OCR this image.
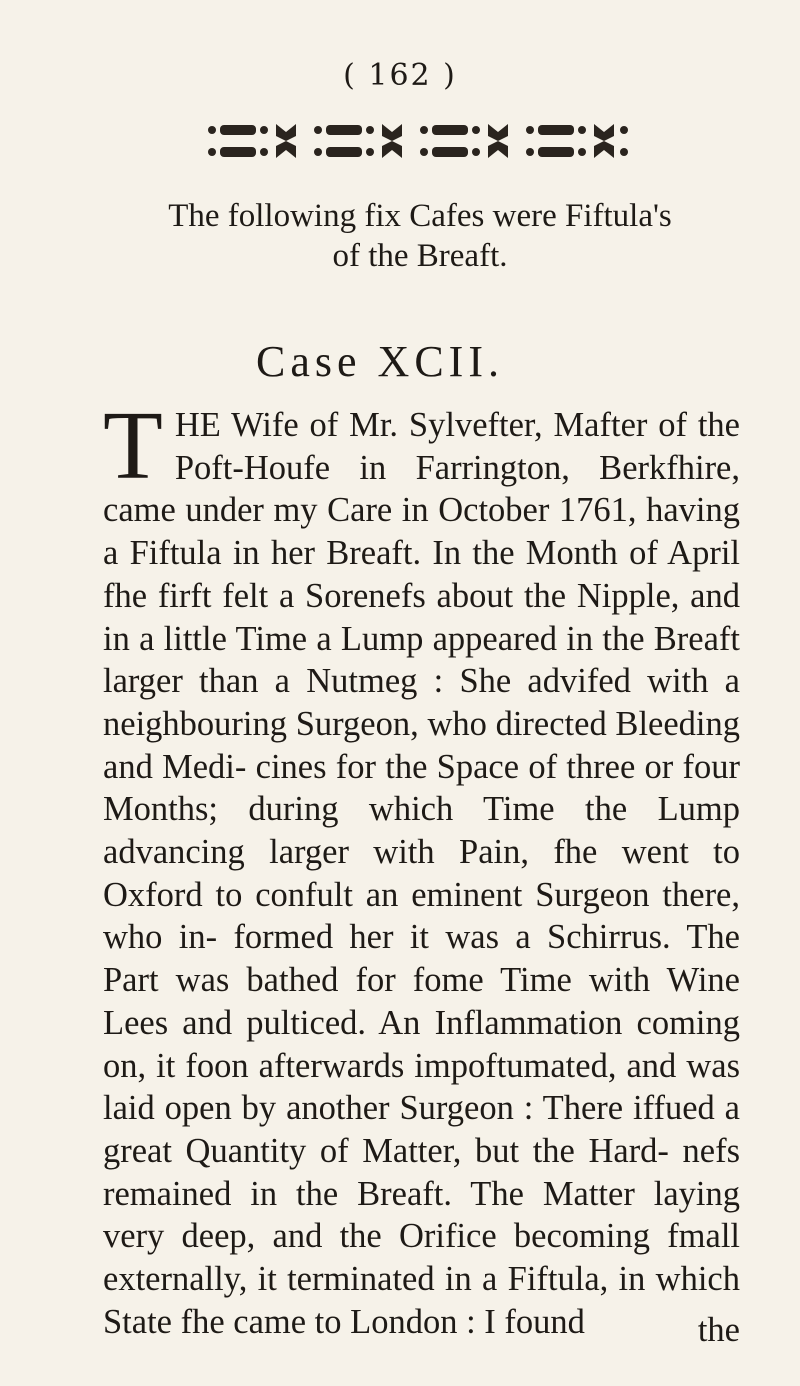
( 162 )
The following fix Cafes were Fiftula's of the Breaft.
Case XCII.
THE Wife of Mr. Sylvefter, Mafter of the Poft-Houfe in Farrington, Berkfhire, came under my Care in October 1761, having a Fiftula in her Breaft. In the Month of April fhe firft felt a Sorenefs about the Nipple, and in a little Time a Lump appeared in the Breaft larger than a Nutmeg : She advifed with a neighbouring Surgeon, who directed Bleeding and Medi- cines for the Space of three or four Months; during which Time the Lump advancing larger with Pain, fhe went to Oxford to confult an eminent Surgeon there, who in- formed her it was a Schirrus. The Part was bathed for fome Time with Wine Lees and pulticed. An Inflammation coming on, it foon afterwards impoftumated, and was laid open by another Surgeon : There iffued a great Quantity of Matter, but the Hard- nefs remained in the Breaft. The Matter laying very deep, and the Orifice becoming fmall externally, it terminated in a Fiftula, in which State fhe came to London : I found	the
